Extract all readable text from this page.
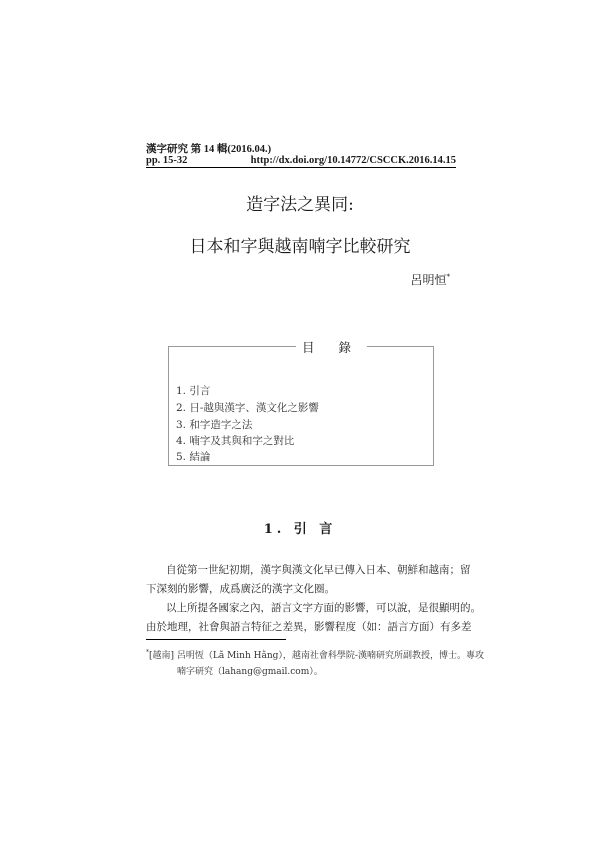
漢字研究 第 14 輯(2016.04.)
pp. 15-32	http://dx.doi.org/10.14772/CSCCK.2016.14.15
造字法之異同:
日本和字與越南喃字比較研究
呂明恒*
目 錄
1. 引言
2. 日-越與漢字、漢文化之影響
3. 和字造字之法
4. 喃字及其與和字之對比
5. 結論
1. 引 言
自從第一世紀初期，漢字與漢文化早已傳入日本、朝鮮和越南；留
下深刻的影響，成爲廣泛的漢字文化圈。
以上所提各國家之內，語言文字方面的影響，可以說，是很顯明的。
由於地理，社會與語言特征之差異，影響程度（如：語言方面）有多差
*[越南] 呂明恆（Lã Minh Hằng），越南社會科學院-漢喃研究所副教授，博士。專攻
喃字研究（lahang@gmail.com）。
